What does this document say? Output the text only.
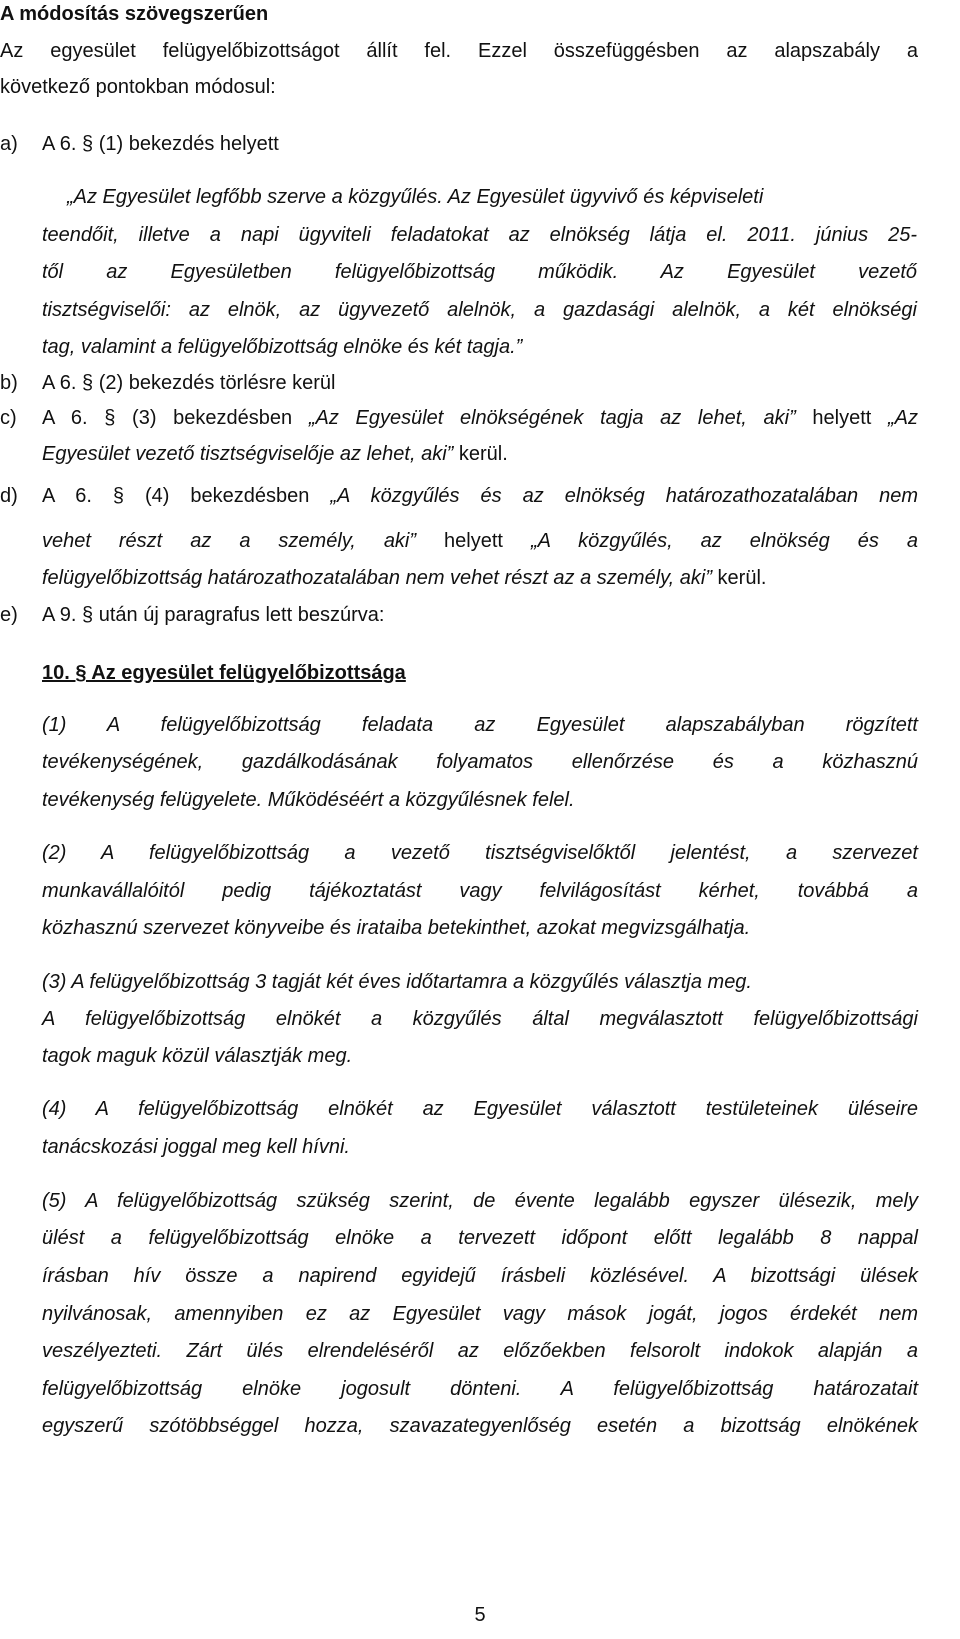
A módosítás szövegszerűen
Az egyesület felügyelőbizottságot állít fel. Ezzel összefüggésben az alapszabály a
következő pontokban módosul:
a) A 6. § (1) bekezdés helyett
„Az Egyesület legfőbb szerve a közgyűlés. Az Egyesület ügyvivő és képviseleti
teendőit, illetve a napi ügyviteli feladatokat az elnökség látja el. 2011. június 25-
től az Egyesületben felügyelőbizottság működik. Az Egyesület vezető
tisztségviselői: az elnök, az ügyvezető alelnök, a gazdasági alelnök, a két elnökségi
tag, valamint a felügyelőbizottság elnöke és két tagja.”
b) A 6. § (2) bekezdés törlésre kerül
c) A 6. § (3) bekezdésben „Az Egyesület elnökségének tagja az lehet, aki” helyett „Az
Egyesület vezető tisztségviselője az lehet, aki” kerül.
d) A 6. § (4) bekezdésben „A közgyűlés és az elnökség határozathozatalában nem
vehet részt az a személy, aki” helyett „A közgyűlés, az elnökség és a
felügyelőbizottság határozathozatalában nem vehet részt az a személy, aki” kerül.
e) A 9. § után új paragrafus lett beszúrva:
10. § Az egyesület felügyelőbizottsága
(1) A felügyelőbizottság feladata az Egyesület alapszabályban rögzített
tevékenységének, gazdálkodásának folyamatos ellenőrzése és a közhasznú
tevékenység felügyelete. Működéséért a közgyűlésnek felel.
(2) A felügyelőbizottság a vezető tisztségviselőktől jelentést, a szervezet
munkavállalóitól pedig tájékoztatást vagy felvilágosítást kérhet, továbbá a
közhasznú szervezet könyveibe és irataiba betekinthet, azokat megvizsgálhatja.
(3) A felügyelőbizottság 3 tagját két éves időtartamra a közgyűlés választja meg.
A felügyelőbizottság elnökét a közgyűlés által megválasztott felügyelőbizottsági
tagok maguk közül választják meg.
(4) A felügyelőbizottság elnökét az Egyesület választott testületeinek üléseire
tanácskozási joggal meg kell hívni.
(5) A felügyelőbizottság szükség szerint, de évente legalább egyszer ülésezik, mely
ülést a felügyelőbizottság elnöke a tervezett időpont előtt legalább 8 nappal
írásban hív össze a napirend egyidejű írásbeli közlésével. A bizottsági ülések
nyilvánosak, amennyiben ez az Egyesület vagy mások jogát, jogos érdekét nem
veszélyezteti. Zárt ülés elrendeléséről az előzőekben felsorolt indokok alapján a
felügyelőbizottság elnöke jogosult dönteni. A felügyelőbizottság határozatait
egyszerű szótöbbséggel hozza, szavazategyenlőség esetén a bizottság elnökének
5
